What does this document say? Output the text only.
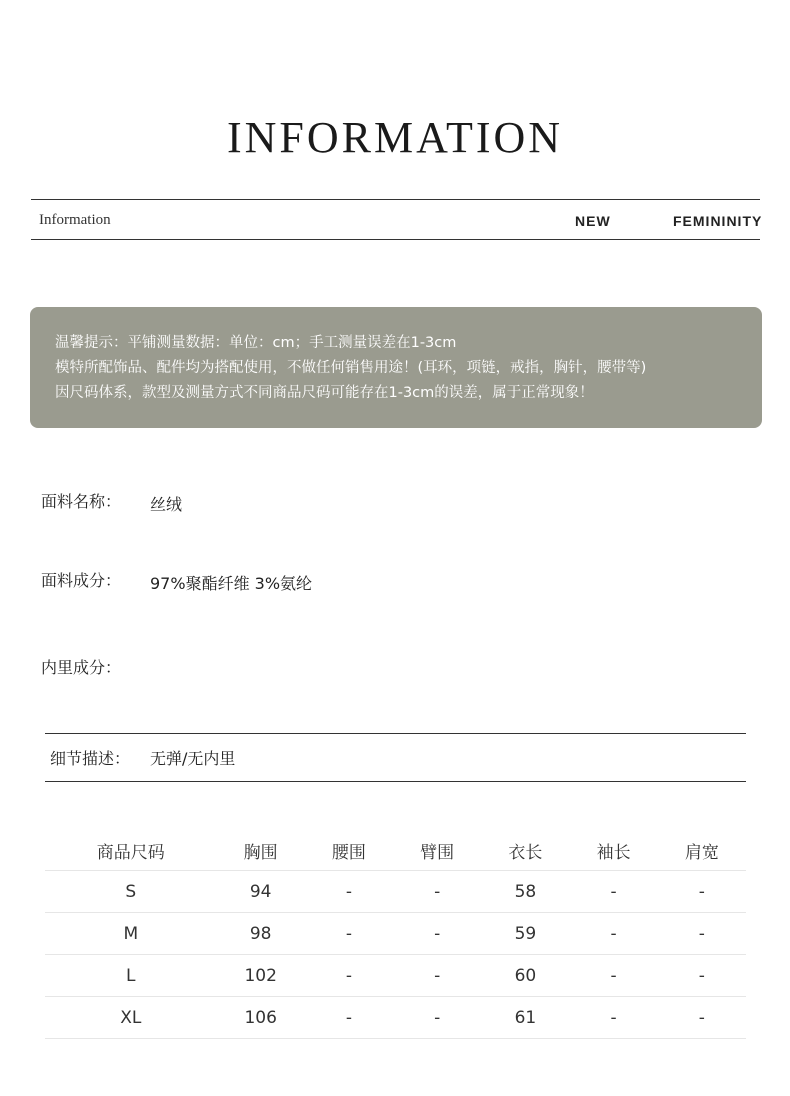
INFORMATION
Information	NEW	FEMININITY
温馨提示：平铺测量数据：单位：cm；手工测量误差在1-3cm
模特所配饰品、配件均为搭配使用，不做任何销售用途！(耳环，项链，戒指，胸针，腰带等)
因尺码体系，款型及测量方式不同商品尺码可能存在1-3cm的误差，属于正常现象！
面料名称： 丝绒
面料成分： 97%聚酯纤维 3%氨纶
内里成分：
细节描述： 无弹/无内里
商品尺码	胸围	腰围	臂围	衣长	袖长	肩宽
S	94	-	-	58	-	-
M	98	-	-	59	-	-
L	102	-	-	60	-	-
XL	106	-	-	61	-	-
